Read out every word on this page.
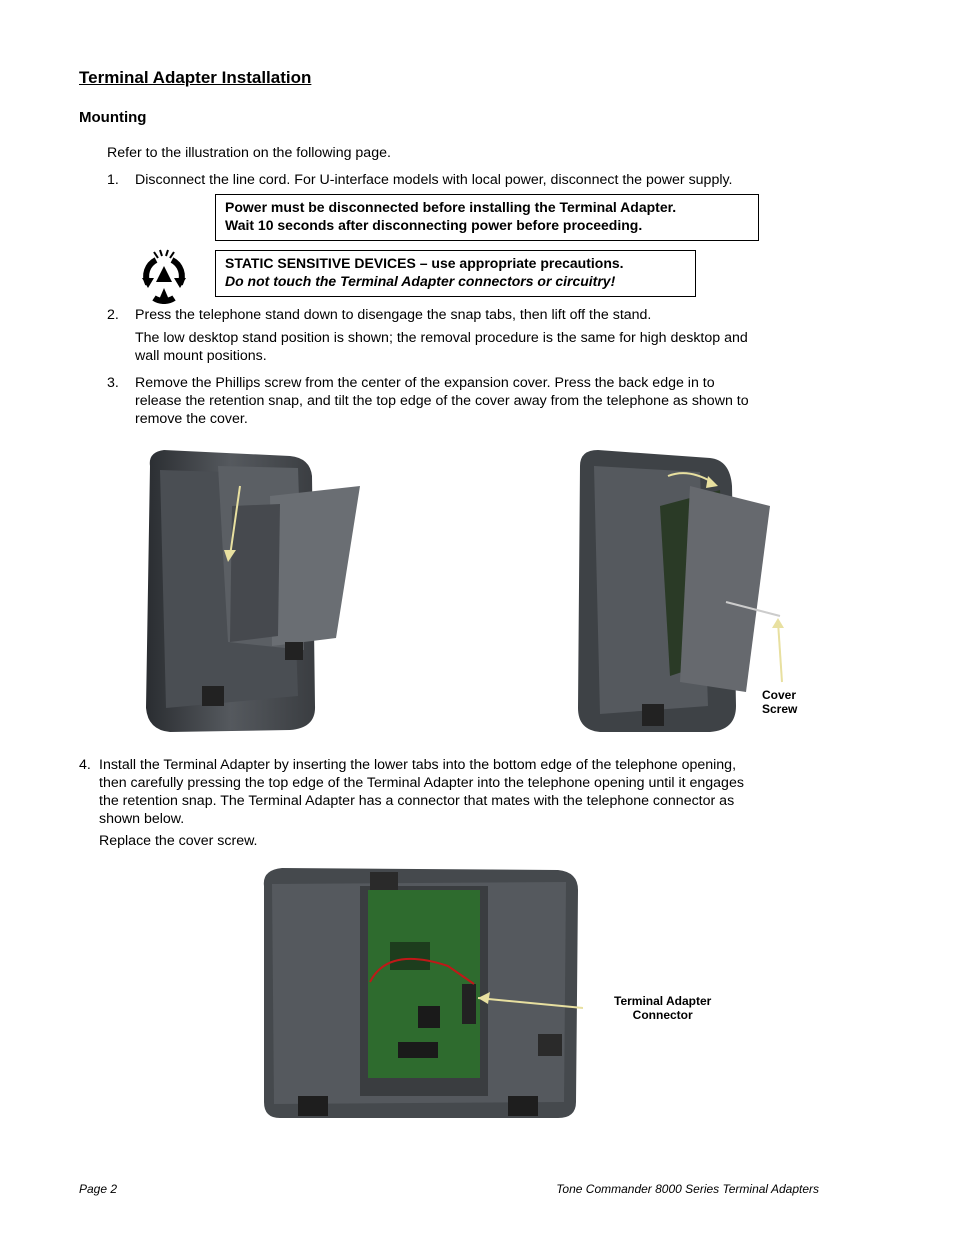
Terminal Adapter Installation
Mounting
Refer to the illustration on the following page.
1. Disconnect the line cord. For U-interface models with local power, disconnect the power supply.
Power must be disconnected before installing the Terminal Adapter.
Wait 10 seconds after disconnecting power before proceeding.
STATIC SENSITIVE DEVICES – use appropriate precautions.
Do not touch the Terminal Adapter connectors or circuitry!
2. Press the telephone stand down to disengage the snap tabs, then lift off the stand.
The low desktop stand position is shown; the removal procedure is the same for high desktop and
wall mount positions.
3. Remove the Phillips screw from the center of the expansion cover. Press the back edge in to
release the retention snap, and tilt the top edge of the cover away from the telephone as shown to
remove the cover.
Cover
Screw
4. Install the Terminal Adapter by inserting the lower tabs into the bottom edge of the telephone opening,
then carefully pressing the top edge of the Terminal Adapter into the telephone opening until it engages
the retention snap. The Terminal Adapter has a connector that mates with the telephone connector as
shown below.
Replace the cover screw.
Terminal Adapter
Connector
Page 2	Tone Commander 8000 Series Terminal Adapters
